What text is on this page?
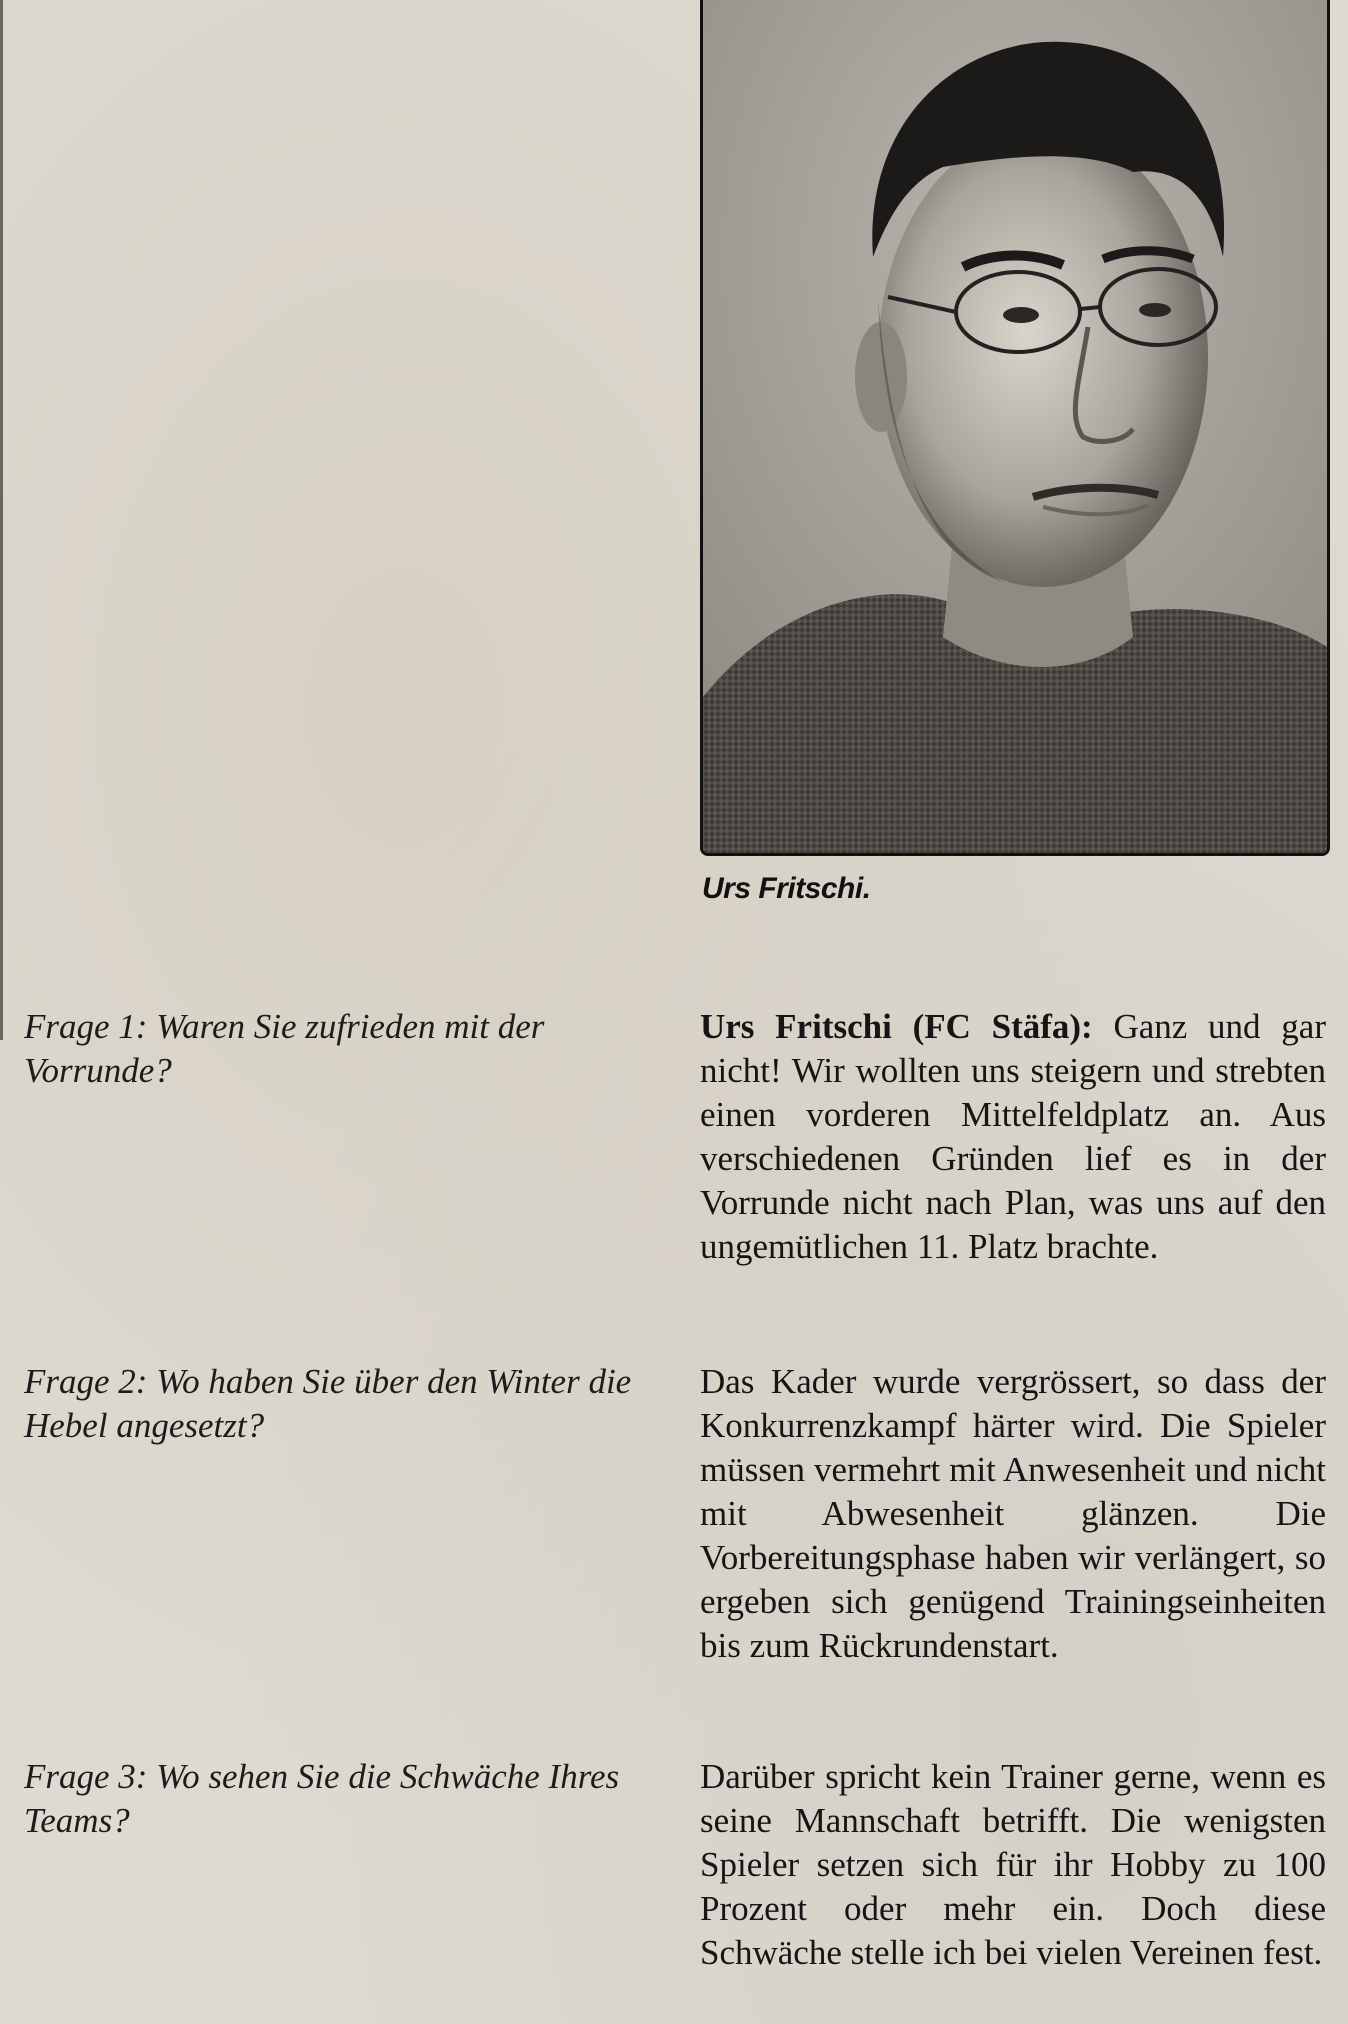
Urs Fritschi.
Frage 1: Waren Sie zufrieden mit der Vorrunde?
Urs Fritschi (FC Stäfa): Ganz und gar nicht! Wir wollten uns steigern und strebten einen vorderen Mittelfeldplatz an. Aus verschiedenen Gründen lief es in der Vorrunde nicht nach Plan, was uns auf den ungemütlichen 11. Platz brachte.
Frage 2: Wo haben Sie über den Winter die Hebel angesetzt?
Das Kader wurde vergrössert, so dass der Konkurrenzkampf härter wird. Die Spieler müssen vermehrt mit Anwesenheit und nicht mit Abwesenheit glänzen. Die Vorbereitungsphase haben wir verlängert, so ergeben sich genügend Trainingseinheiten bis zum Rückrundenstart.
Frage 3: Wo sehen Sie die Schwäche Ihres Teams?
Darüber spricht kein Trainer gerne, wenn es seine Mannschaft betrifft. Die wenigsten Spieler setzen sich für ihr Hobby zu 100 Prozent oder mehr ein. Doch diese Schwäche stelle ich bei vielen Vereinen fest.
